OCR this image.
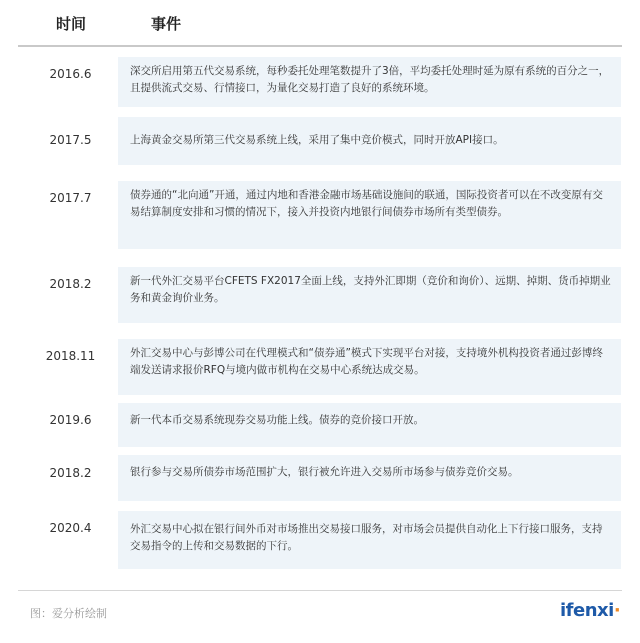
时间	事件
2016.6	深交所启用第五代交易系统，每秒委托处理笔数提升了3倍，平均委托处理时延为原有系统的百分之一，且提供流式交易、行情接口，为量化交易打造了良好的系统环境。
2017.5	上海黄金交易所第三代交易系统上线，采用了集中竞价模式，同时开放API接口。
2017.7	债券通的“北向通”开通，通过内地和香港金融市场基础设施间的联通，国际投资者可以在不改变原有交易结算制度安排和习惯的情况下，接入并投资内地银行间债券市场所有类型债券。
2018.2	新一代外汇交易平台CFETS FX2017全面上线，支持外汇即期（竞价和询价）、远期、掉期、货币掉期业务和黄金询价业务。
2018.11	外汇交易中心与彭博公司在代理模式和“债券通”模式下实现平台对接，支持境外机构投资者通过彭博终端发送请求报价RFQ与境内做市机构在交易中心系统达成交易。
2019.6	新一代本币交易系统现券交易功能上线。债券的竞价接口开放。
2018.2	银行参与交易所债券市场范围扩大，银行被允许进入交易所市场参与债券竞价交易。
2020.4	外汇交易中心拟在银行间外币对市场推出交易接口服务，对市场会员提供自动化上下行接口服务，支持交易指令的上传和交易数据的下行。
图：爱分析绘制	ifenxi·
